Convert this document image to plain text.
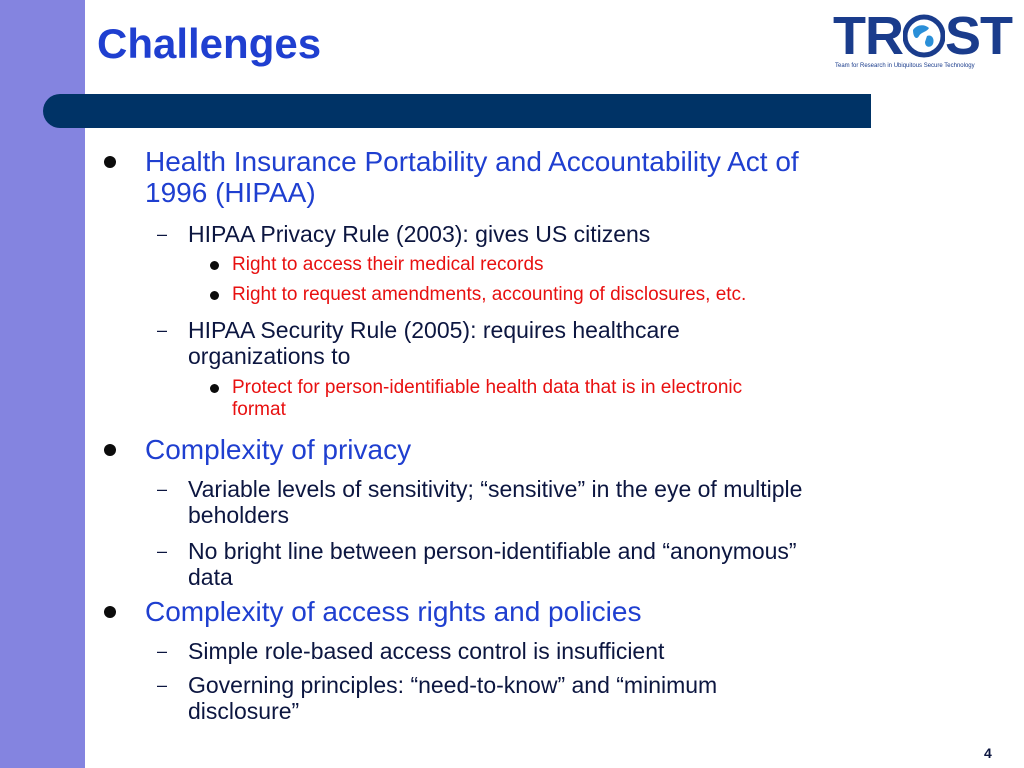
Challenges	TR ST
Team for Research in Ubiquitous Secure Technology

Health Insurance Portability and Accountability Act of
1996 (HIPAA)

– HIPAA Privacy Rule (2003): gives US citizens

Right to access their medical records

Right to request amendments, accounting of disclosures, etc.

– HIPAA Security Rule (2005): requires healthcare
organizations to

Protect for person-identifiable health data that is in electronic
format

Complexity of privacy

– Variable levels of sensitivity; “sensitive” in the eye of multiple
beholders

– No bright line between person-identifiable and “anonymous”
data

Complexity of access rights and policies

– Simple role-based access control is insufficient

– Governing principles: “need-to-know” and “minimum
disclosure”

4
